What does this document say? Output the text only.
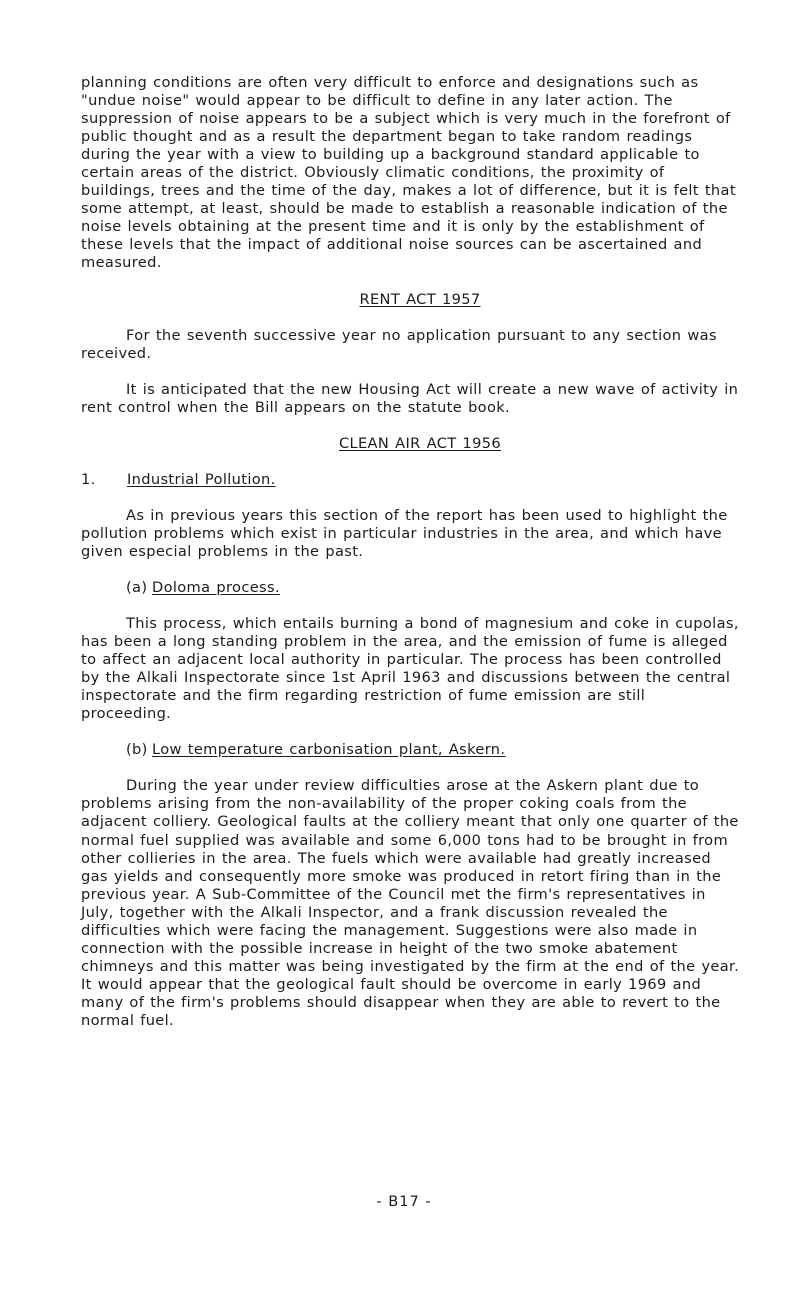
planning conditions are often very difficult to enforce and designations such as "undue noise" would appear to be difficult to define in any later action. The suppression of noise appears to be a subject which is very much in the forefront of public thought and as a result the department began to take random readings during the year with a view to building up a background standard applicable to certain areas of the district. Obviously climatic conditions, the proximity of buildings, trees and the time of the day, makes a lot of difference, but it is felt that some attempt, at least, should be made to establish a reasonable indication of the noise levels obtaining at the present time and it is only by the establishment of these levels that the impact of additional noise sources can be ascertained and measured.

RENT ACT 1957

For the seventh successive year no application pursuant to any section was received.

It is anticipated that the new Housing Act will create a new wave of activity in rent control when the Bill appears on the statute book.

CLEAN AIR ACT 1956

1.	Industrial Pollution.

As in previous years this section of the report has been used to highlight the pollution problems which exist in particular industries in the area, and which have given especial problems in the past.

(a) Doloma process.

This process, which entails burning a bond of magnesium and coke in cupolas, has been a long standing problem in the area, and the emission of fume is alleged to affect an adjacent local authority in particular. The process has been controlled by the Alkali Inspectorate since 1st April 1963 and discussions between the central inspectorate and the firm regarding restriction of fume emission are still proceeding.

(b) Low temperature carbonisation plant, Askern.

During the year under review difficulties arose at the Askern plant due to problems arising from the non-availability of the proper coking coals from the adjacent colliery. Geological faults at the colliery meant that only one quarter of the normal fuel supplied was available and some 6,000 tons had to be brought in from other collieries in the area. The fuels which were available had greatly increased gas yields and consequently more smoke was produced in retort firing than in the previous year. A Sub-Committee of the Council met the firm's representatives in July, together with the Alkali Inspector, and a frank discussion revealed the difficulties which were facing the management. Suggestions were also made in connection with the possible increase in height of the two smoke abatement chimneys and this matter was being investigated by the firm at the end of the year. It would appear that the geological fault should be overcome in early 1969 and many of the firm's problems should disappear when they are able to revert to the normal fuel.

- B17 -
